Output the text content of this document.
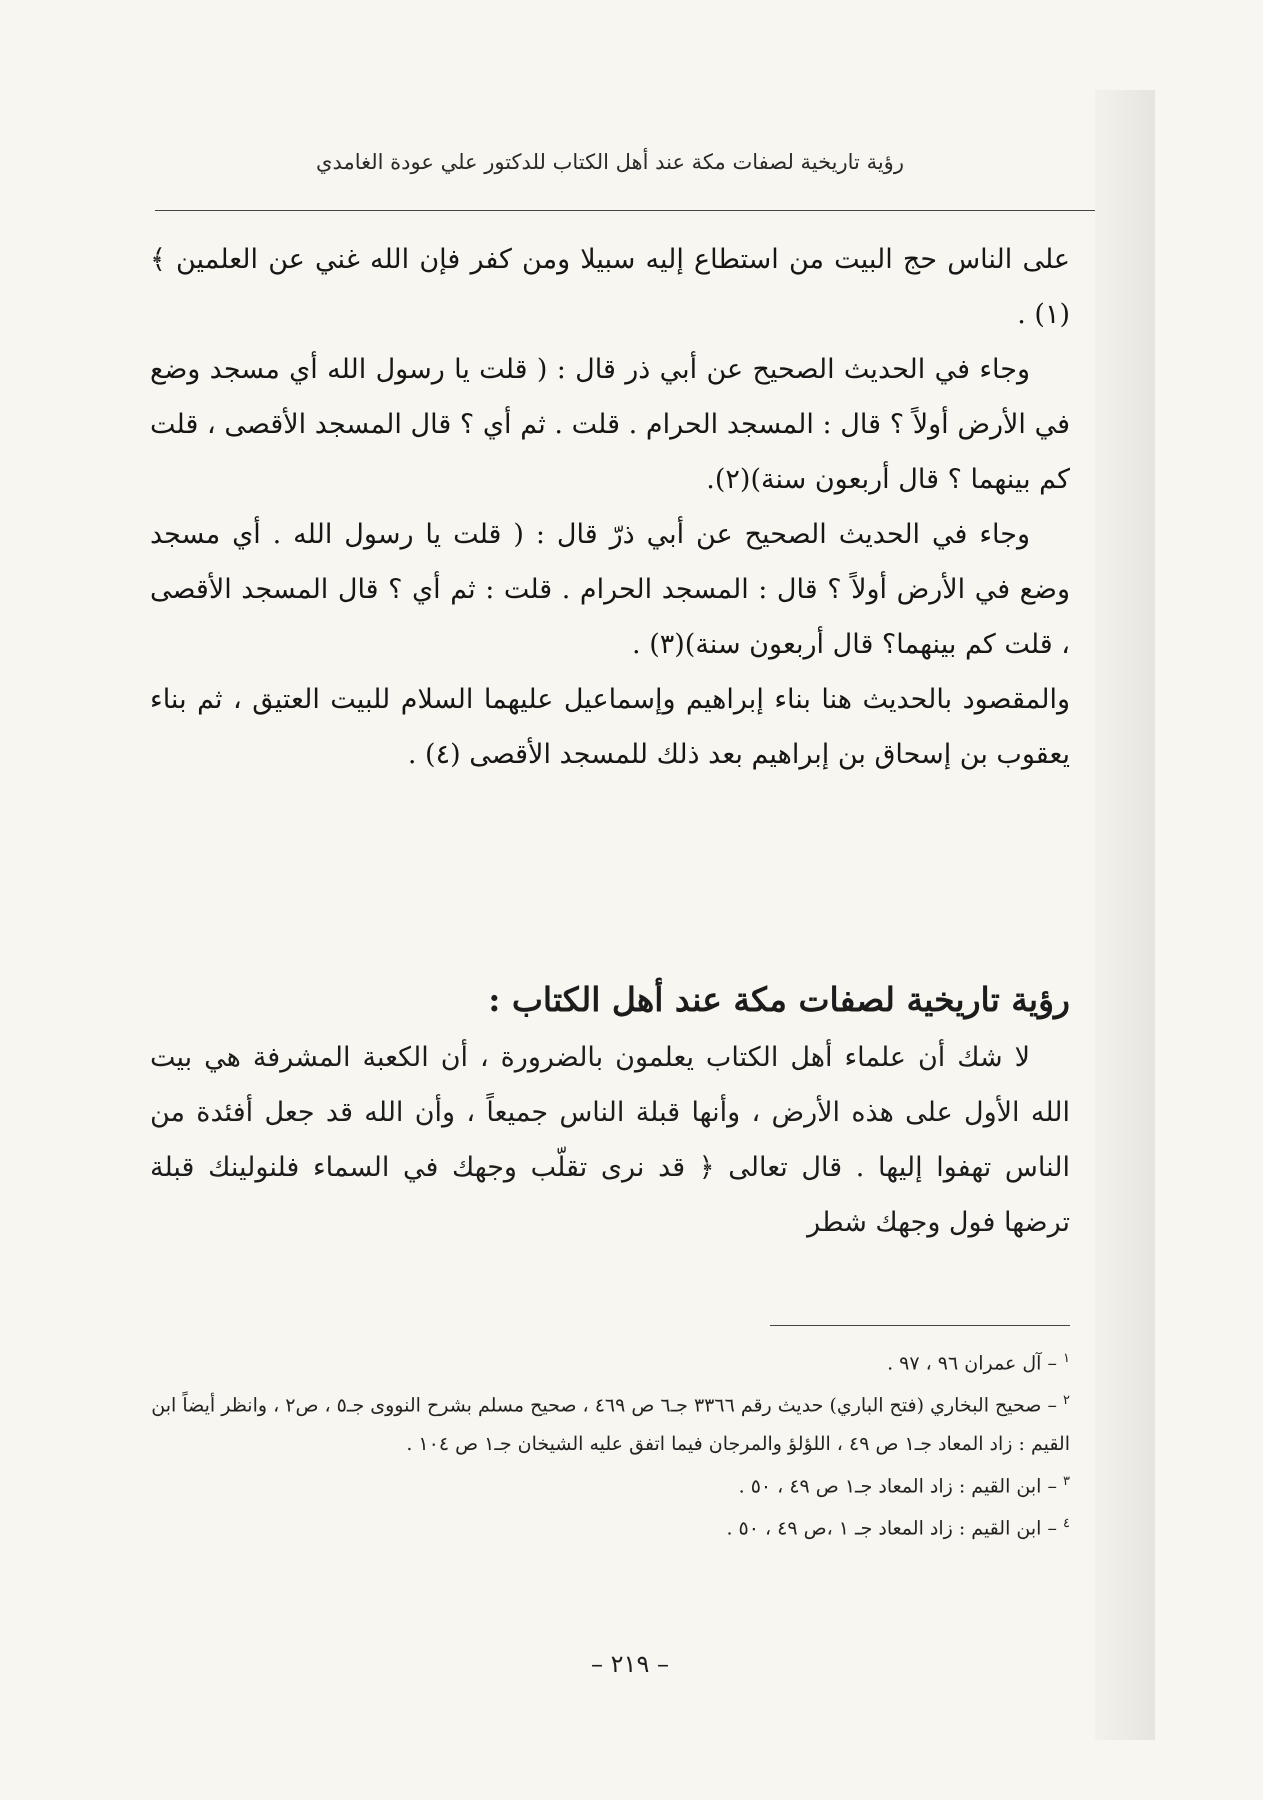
رؤية تاريخية لصفات مكة عند أهل الكتاب للدكتور علي عودة الغامدي

على الناس حج البيت من استطاع إليه سبيلا ومن كفر فإن الله غني عن العلمين ﴾ (١) .

وجاء في الحديث الصحيح عن أبي ذر قال : ( قلت يا رسول الله أي مسجد وضع في الأرض أولاً ؟ قال : المسجد الحرام . قلت . ثم أي ؟ قال المسجد الأقصى ، قلت كم بينهما ؟ قال أربعون سنة)(٢).

وجاء في الحديث الصحيح عن أبي ذرّ قال : ( قلت يا رسول الله . أي مسجد وضع في الأرض أولاً ؟ قال : المسجد الحرام . قلت : ثم أي ؟ قال المسجد الأقصى ، قلت كم بينهما؟ قال أربعون سنة)(٣) .

والمقصود بالحديث هنا بناء إبراهيم وإسماعيل عليهما السلام للبيت العتيق ، ثم بناء يعقوب بن إسحاق بن إبراهيم بعد ذلك للمسجد الأقصى (٤) .

رؤية تاريخية لصفات مكة عند أهل الكتاب :

لا شك أن علماء أهل الكتاب يعلمون بالضرورة ، أن الكعبة المشرفة هي بيت الله الأول على هذه الأرض ، وأنها قبلة الناس جميعاً ، وأن الله قد جعل أفئدة من الناس تهفوا إليها . قال تعالى ﴿ قد نرى تقلّب وجهك في السماء فلنولينك قبلة ترضها فول وجهك شطر

$^١$ – آل عمران ٩٦ ، ٩٧ .

$^٢$ – صحيح البخاري (فتح الباري) حديث رقم ٣٣٦٦ جـ٦ ص ٤٦٩ ، صحيح مسلم بشرح النووى جـ٥ ، ص٢ ، وانظر أيضاً ابن القيم : زاد المعاد جـ١ ص ٤٩ ، اللؤلؤ والمرجان فيما اتفق عليه الشيخان جـ١ ص ١٠٤ .

$^٣$ – ابن القيم : زاد المعاد جـ١ ص ٤٩ ، ٥٠ .

$^٤$ – ابن القيم : زاد المعاد جـ ١ ،ص ٤٩ ، ٥٠ .

– ٢١٩ –
